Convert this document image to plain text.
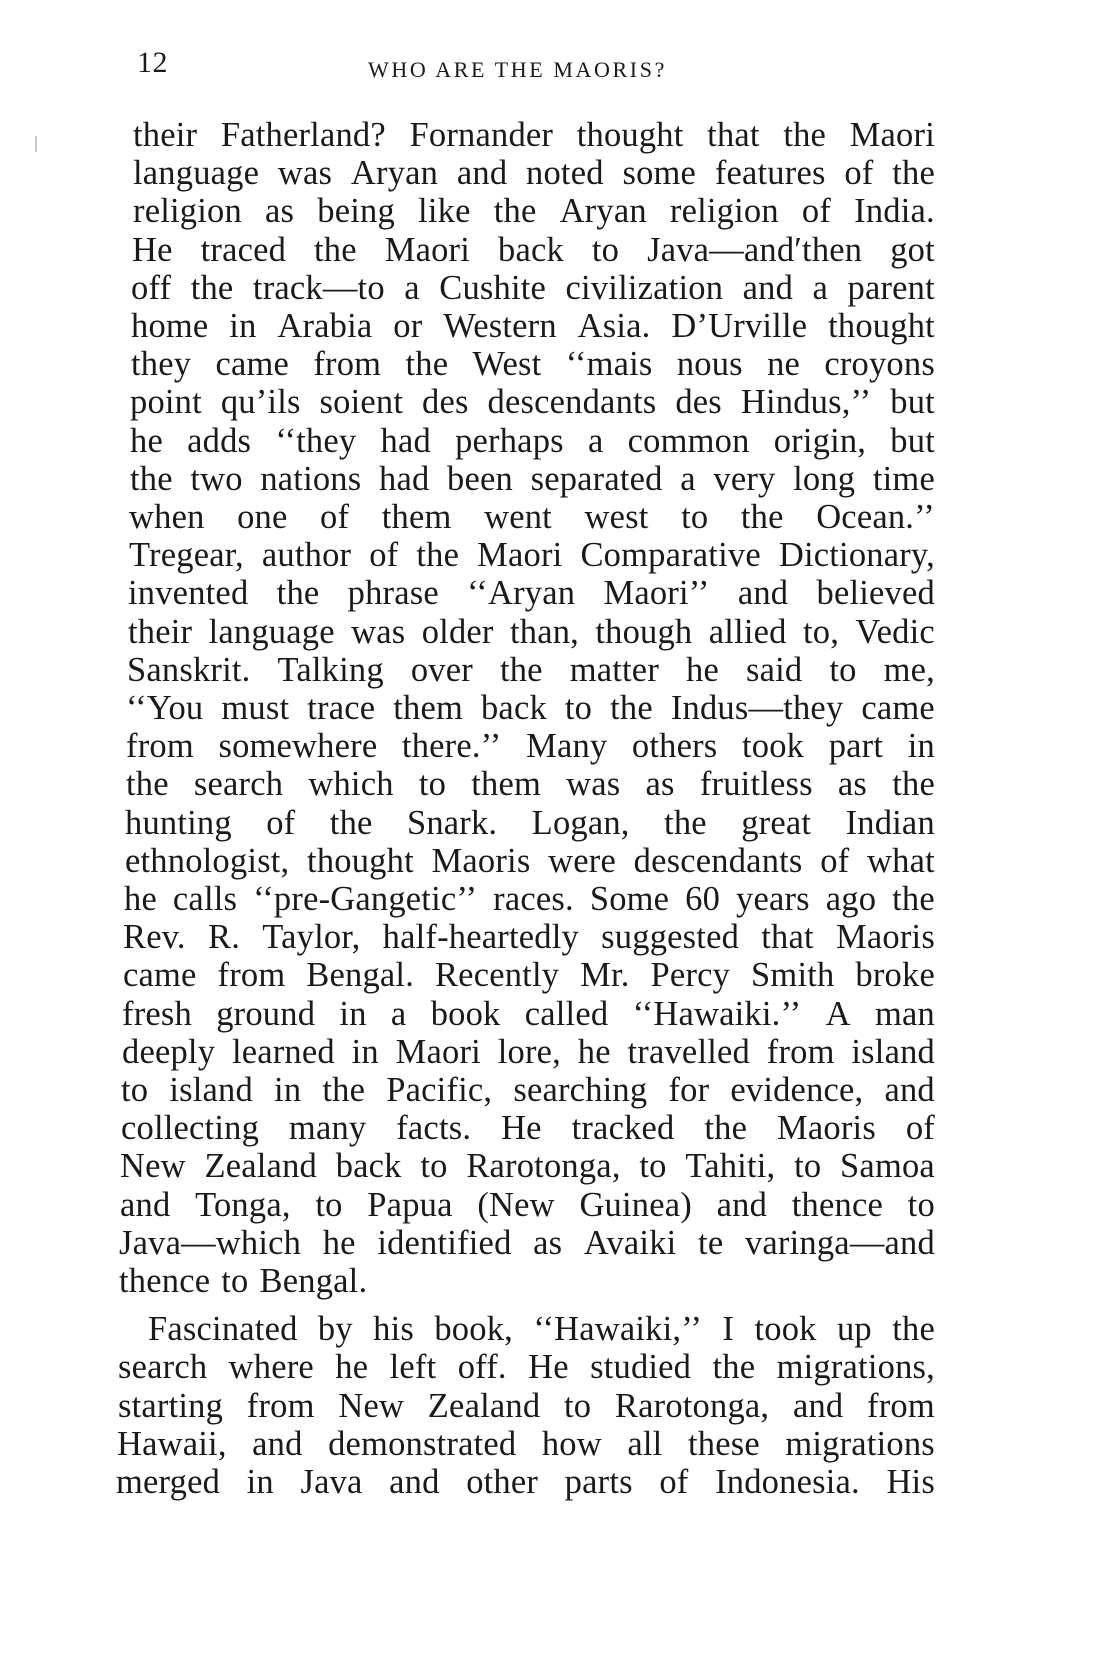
12	WHO ARE THE MAORIS?
their Fatherland? Fornander thought that the Maori
language was Aryan and noted some features of the
religion as being like the Aryan religion of India.
He traced the Maori back to Java—and′then got
off the track—to a Cushite civilization and a parent
home in Arabia or Western Asia. D’Urville thought
they came from the West ‘‘mais nous ne croyons
point qu’ils soient des descendants des Hindus,’’ but
he adds ‘‘they had perhaps a common origin, but
the two nations had been separated a very long time
when one of them went west to the Ocean.’’
Tregear, author of the Maori Comparative Dictionary,
invented the phrase ‘‘Aryan Maori’’ and believed
their language was older than, though allied to, Vedic
Sanskrit. Talking over the matter he said to me,
‘‘You must trace them back to the Indus—they came
from somewhere there.’’ Many others took part in
the search which to them was as fruitless as the
hunting of the Snark. Logan, the great Indian
ethnologist, thought Maoris were descendants of what
he calls ‘‘pre-Gangetic’’ races. Some 60 years ago the
Rev. R. Taylor, half-heartedly suggested that Maoris
came from Bengal. Recently Mr. Percy Smith broke
fresh ground in a book called ‘‘Hawaiki.’’ A man
deeply learned in Maori lore, he travelled from island
to island in the Pacific, searching for evidence, and
collecting many facts. He tracked the Maoris of
New Zealand back to Rarotonga, to Tahiti, to Samoa
and Tonga, to Papua (New Guinea) and thence to
Java—which he identified as Avaiki te varinga—and
thence to Bengal.
Fascinated by his book, ‘‘Hawaiki,’’ I took up the
search where he left off. He studied the migrations,
starting from New Zealand to Rarotonga, and from
Hawaii, and demonstrated how all these migrations
merged in Java and other parts of Indonesia. His
